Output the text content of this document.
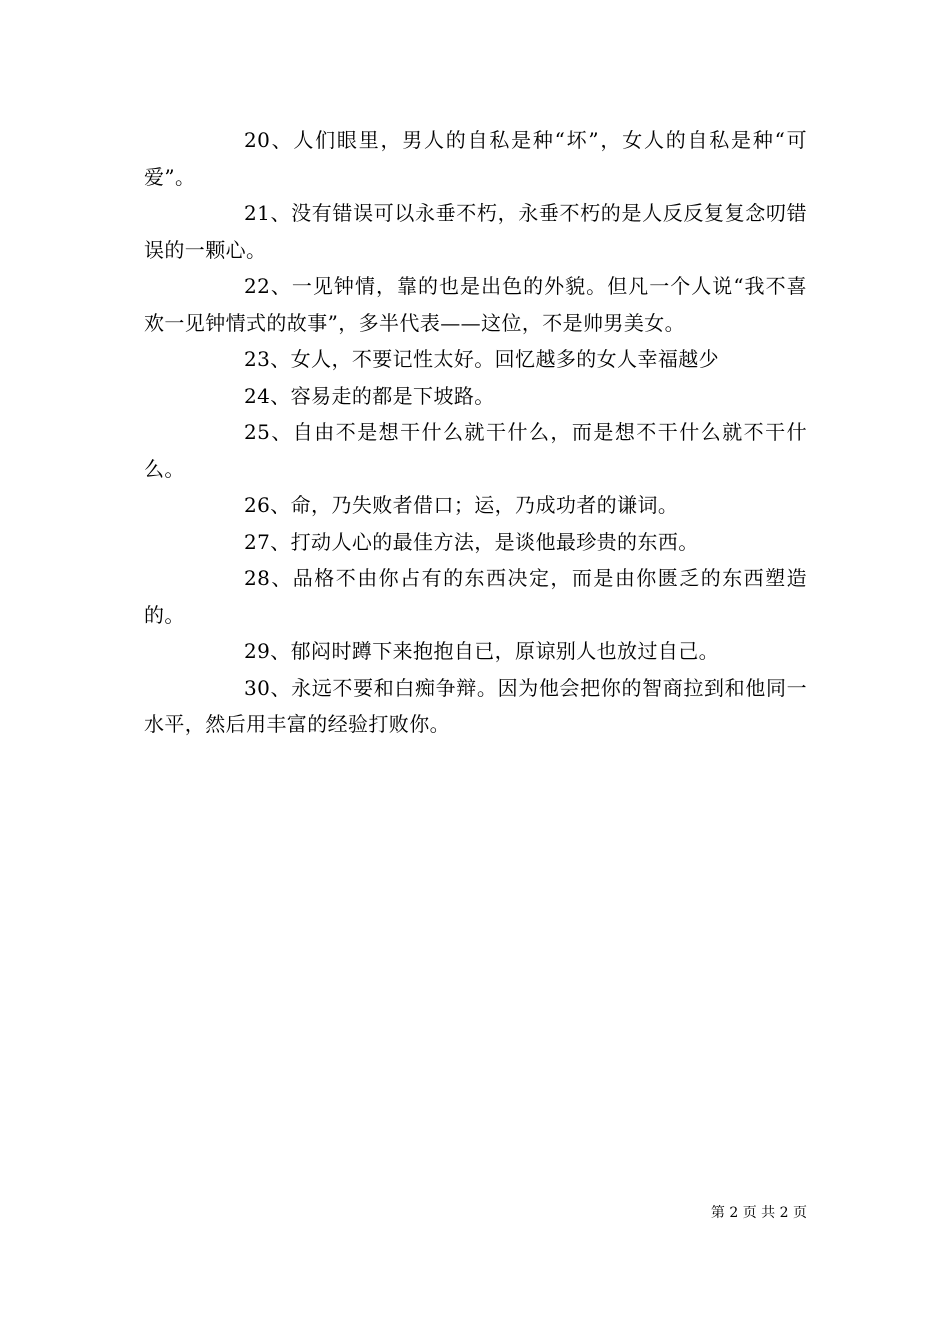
20、人们眼里，男人的自私是种“坏”，女人的自私是种“可爱”。

21、没有错误可以永垂不朽，永垂不朽的是人反反复复念叨错误的一颗心。

22、一见钟情，靠的也是出色的外貌。但凡一个人说“我不喜欢一见钟情式的故事”，多半代表——这位，不是帅男美女。

23、女人，不要记性太好。回忆越多的女人幸福越少

24、容易走的都是下坡路。

25、自由不是想干什么就干什么，而是想不干什么就不干什么。

26、命，乃失败者借口；运，乃成功者的谦词。

27、打动人心的最佳方法，是谈他最珍贵的东西。

28、品格不由你占有的东西决定，而是由你匮乏的东西塑造的。

29、郁闷时蹲下来抱抱自已，原谅别人也放过自己。

30、永远不要和白痴争辩。因为他会把你的智商拉到和他同一水平，然后用丰富的经验打败你。

第 2 页 共 2 页
